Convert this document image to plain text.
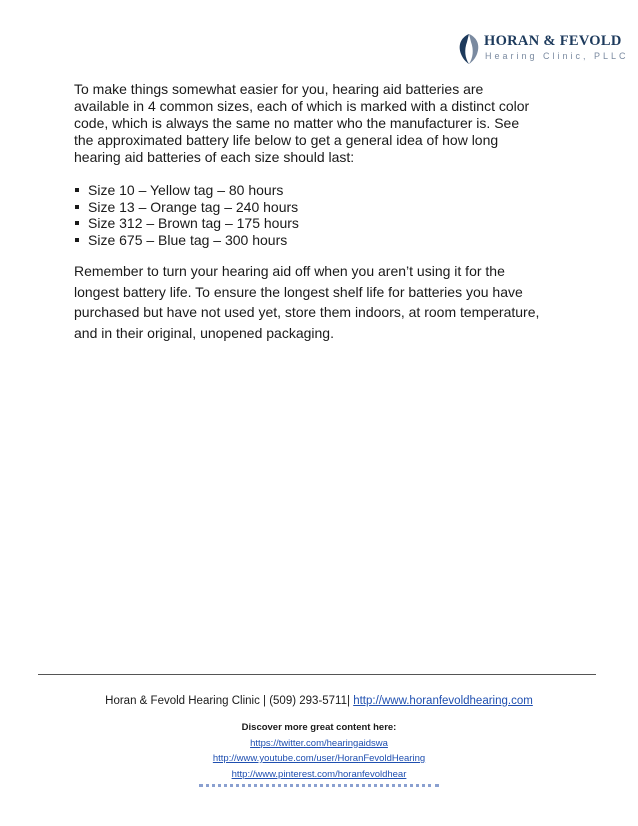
HORAN & FEVOLD
Hearing Clinic, PLLC

To make things somewhat easier for you, hearing aid batteries are
available in 4 common sizes, each of which is marked with a distinct color
code, which is always the same no matter who the manufacturer is. See
the approximated battery life below to get a general idea of how long
hearing aid batteries of each size should last:

Size 10 – Yellow tag – 80 hours
Size 13 – Orange tag – 240 hours
Size 312 – Brown tag – 175 hours
Size 675 – Blue tag – 300 hours

Remember to turn your hearing aid off when you aren’t using it for the
longest battery life. To ensure the longest shelf life for batteries you have
purchased but have not used yet, store them indoors, at room temperature,
and in their original, unopened packaging.

Horan & Fevold Hearing Clinic | (509) 293-5711| http://www.horanfevoldhearing.com
Discover more great content here:
https://twitter.com/hearingaidswa
http://www.youtube.com/user/HoranFevoldHearing
http://www.pinterest.com/horanfevoldhear
